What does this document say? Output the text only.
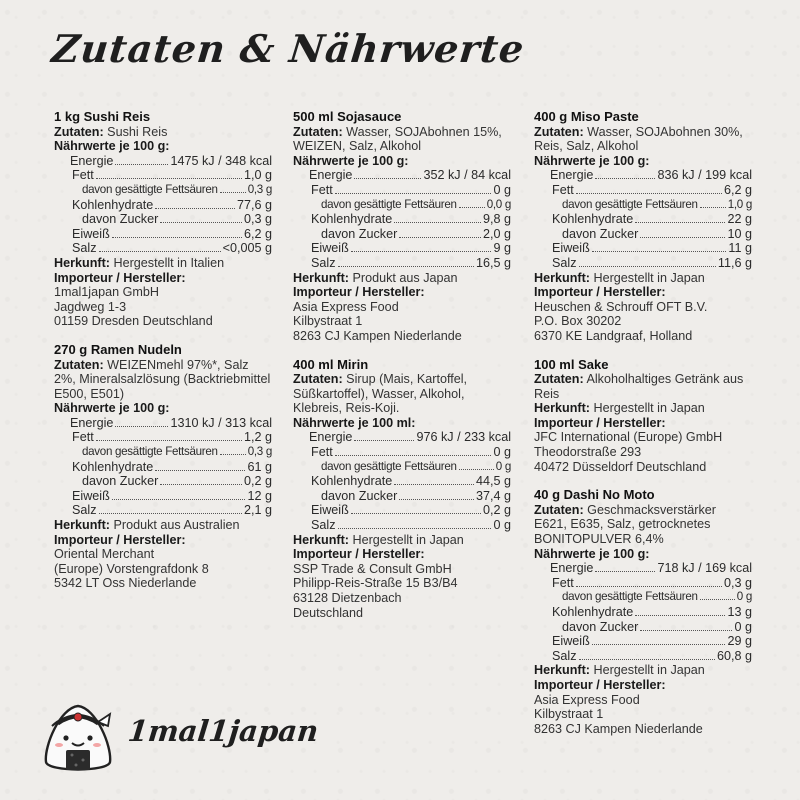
Zutaten & Nährwerte
1 kg Sushi Reis
Zutaten: Sushi Reis
Nährwerte je 100 g:
Energie	1475 kJ / 348 kcal
Fett	1,0 g
davon gesättigte Fettsäuren	0,3 g
Kohlenhydrate	77,6 g
davon Zucker	0,3 g
Eiweiß	6,2 g
Salz	<0,005 g
Herkunft: Hergestellt in Italien
Importeur / Hersteller:
1mal1japan GmbH
Jagdweg 1-3
01159 Dresden Deutschland
270 g Ramen Nudeln
Zutaten: WEIZENmehl 97%*, Salz 2%, Mineralsalzlösung (Backtriebmittel E500, E501)
Nährwerte je 100 g:
Energie	1310 kJ / 313 kcal
Fett	1,2 g
davon gesättigte Fettsäuren	0,3 g
Kohlenhydrate	61 g
davon Zucker	0,2 g
Eiweiß	12 g
Salz	2,1 g
Herkunft: Produkt aus Australien
Importeur / Hersteller:
Oriental Merchant
(Europe) Vorstengrafdonk 8
5342 LT Oss Niederlande
500 ml Sojasauce
Zutaten: Wasser, SOJAbohnen 15%, WEIZEN, Salz, Alkohol
Nährwerte je 100 g:
Energie	352 kJ / 84 kcal
Fett	0 g
davon gesättigte Fettsäuren	0,0 g
Kohlenhydrate	9,8 g
davon Zucker	2,0 g
Eiweiß	9 g
Salz	16,5 g
Herkunft: Produkt aus Japan
Importeur / Hersteller:
Asia Express Food
Kilbystraat 1
8263 CJ Kampen Niederlande
400 ml Mirin
Zutaten: Sirup (Mais, Kartoffel, Süßkartoffel), Wasser, Alkohol, Klebreis, Reis-Koji.
Nährwerte je 100 ml:
Energie	976 kJ / 233 kcal
Fett	0 g
davon gesättigte Fettsäuren	0 g
Kohlenhydrate	44,5 g
davon Zucker	37,4 g
Eiweiß	0,2 g
Salz	0 g
Herkunft: Hergestellt in Japan
Importeur / Hersteller:
SSP Trade & Consult GmbH
Philipp-Reis-Straße 15 B3/B4
63128 Dietzenbach
Deutschland
400 g Miso Paste
Zutaten: Wasser, SOJAbohnen 30%, Reis, Salz, Alkohol
Nährwerte je 100 g:
Energie	836 kJ / 199 kcal
Fett	6,2 g
davon gesättigte Fettsäuren	1,0 g
Kohlenhydrate	22 g
davon Zucker	10 g
Eiweiß	11 g
Salz	11,6 g
Herkunft: Hergestellt in Japan
Importeur / Hersteller:
Heuschen & Schrouff OFT B.V.
P.O. Box 30202
6370 KE Landgraaf, Holland
100 ml Sake
Zutaten: Alkoholhaltiges Getränk aus Reis
Herkunft: Hergestellt in Japan
Importeur / Hersteller:
JFC International (Europe) GmbH
Theodorstraße 293
40472 Düsseldorf Deutschland
40 g Dashi No Moto
Zutaten: Geschmacksverstärker E621, E635, Salz, getrocknetes BONITOPULVER 6,4%
Nährwerte je 100 g:
Energie	718 kJ / 169 kcal
Fett	0,3 g
davon gesättigte Fettsäuren	0 g
Kohlenhydrate	13 g
davon Zucker	0 g
Eiweiß	29 g
Salz	60,8 g
Herkunft: Hergestellt in Japan
Importeur / Hersteller:
Asia Express Food
Kilbystraat 1
8263 CJ Kampen Niederlande
1mal1japan
